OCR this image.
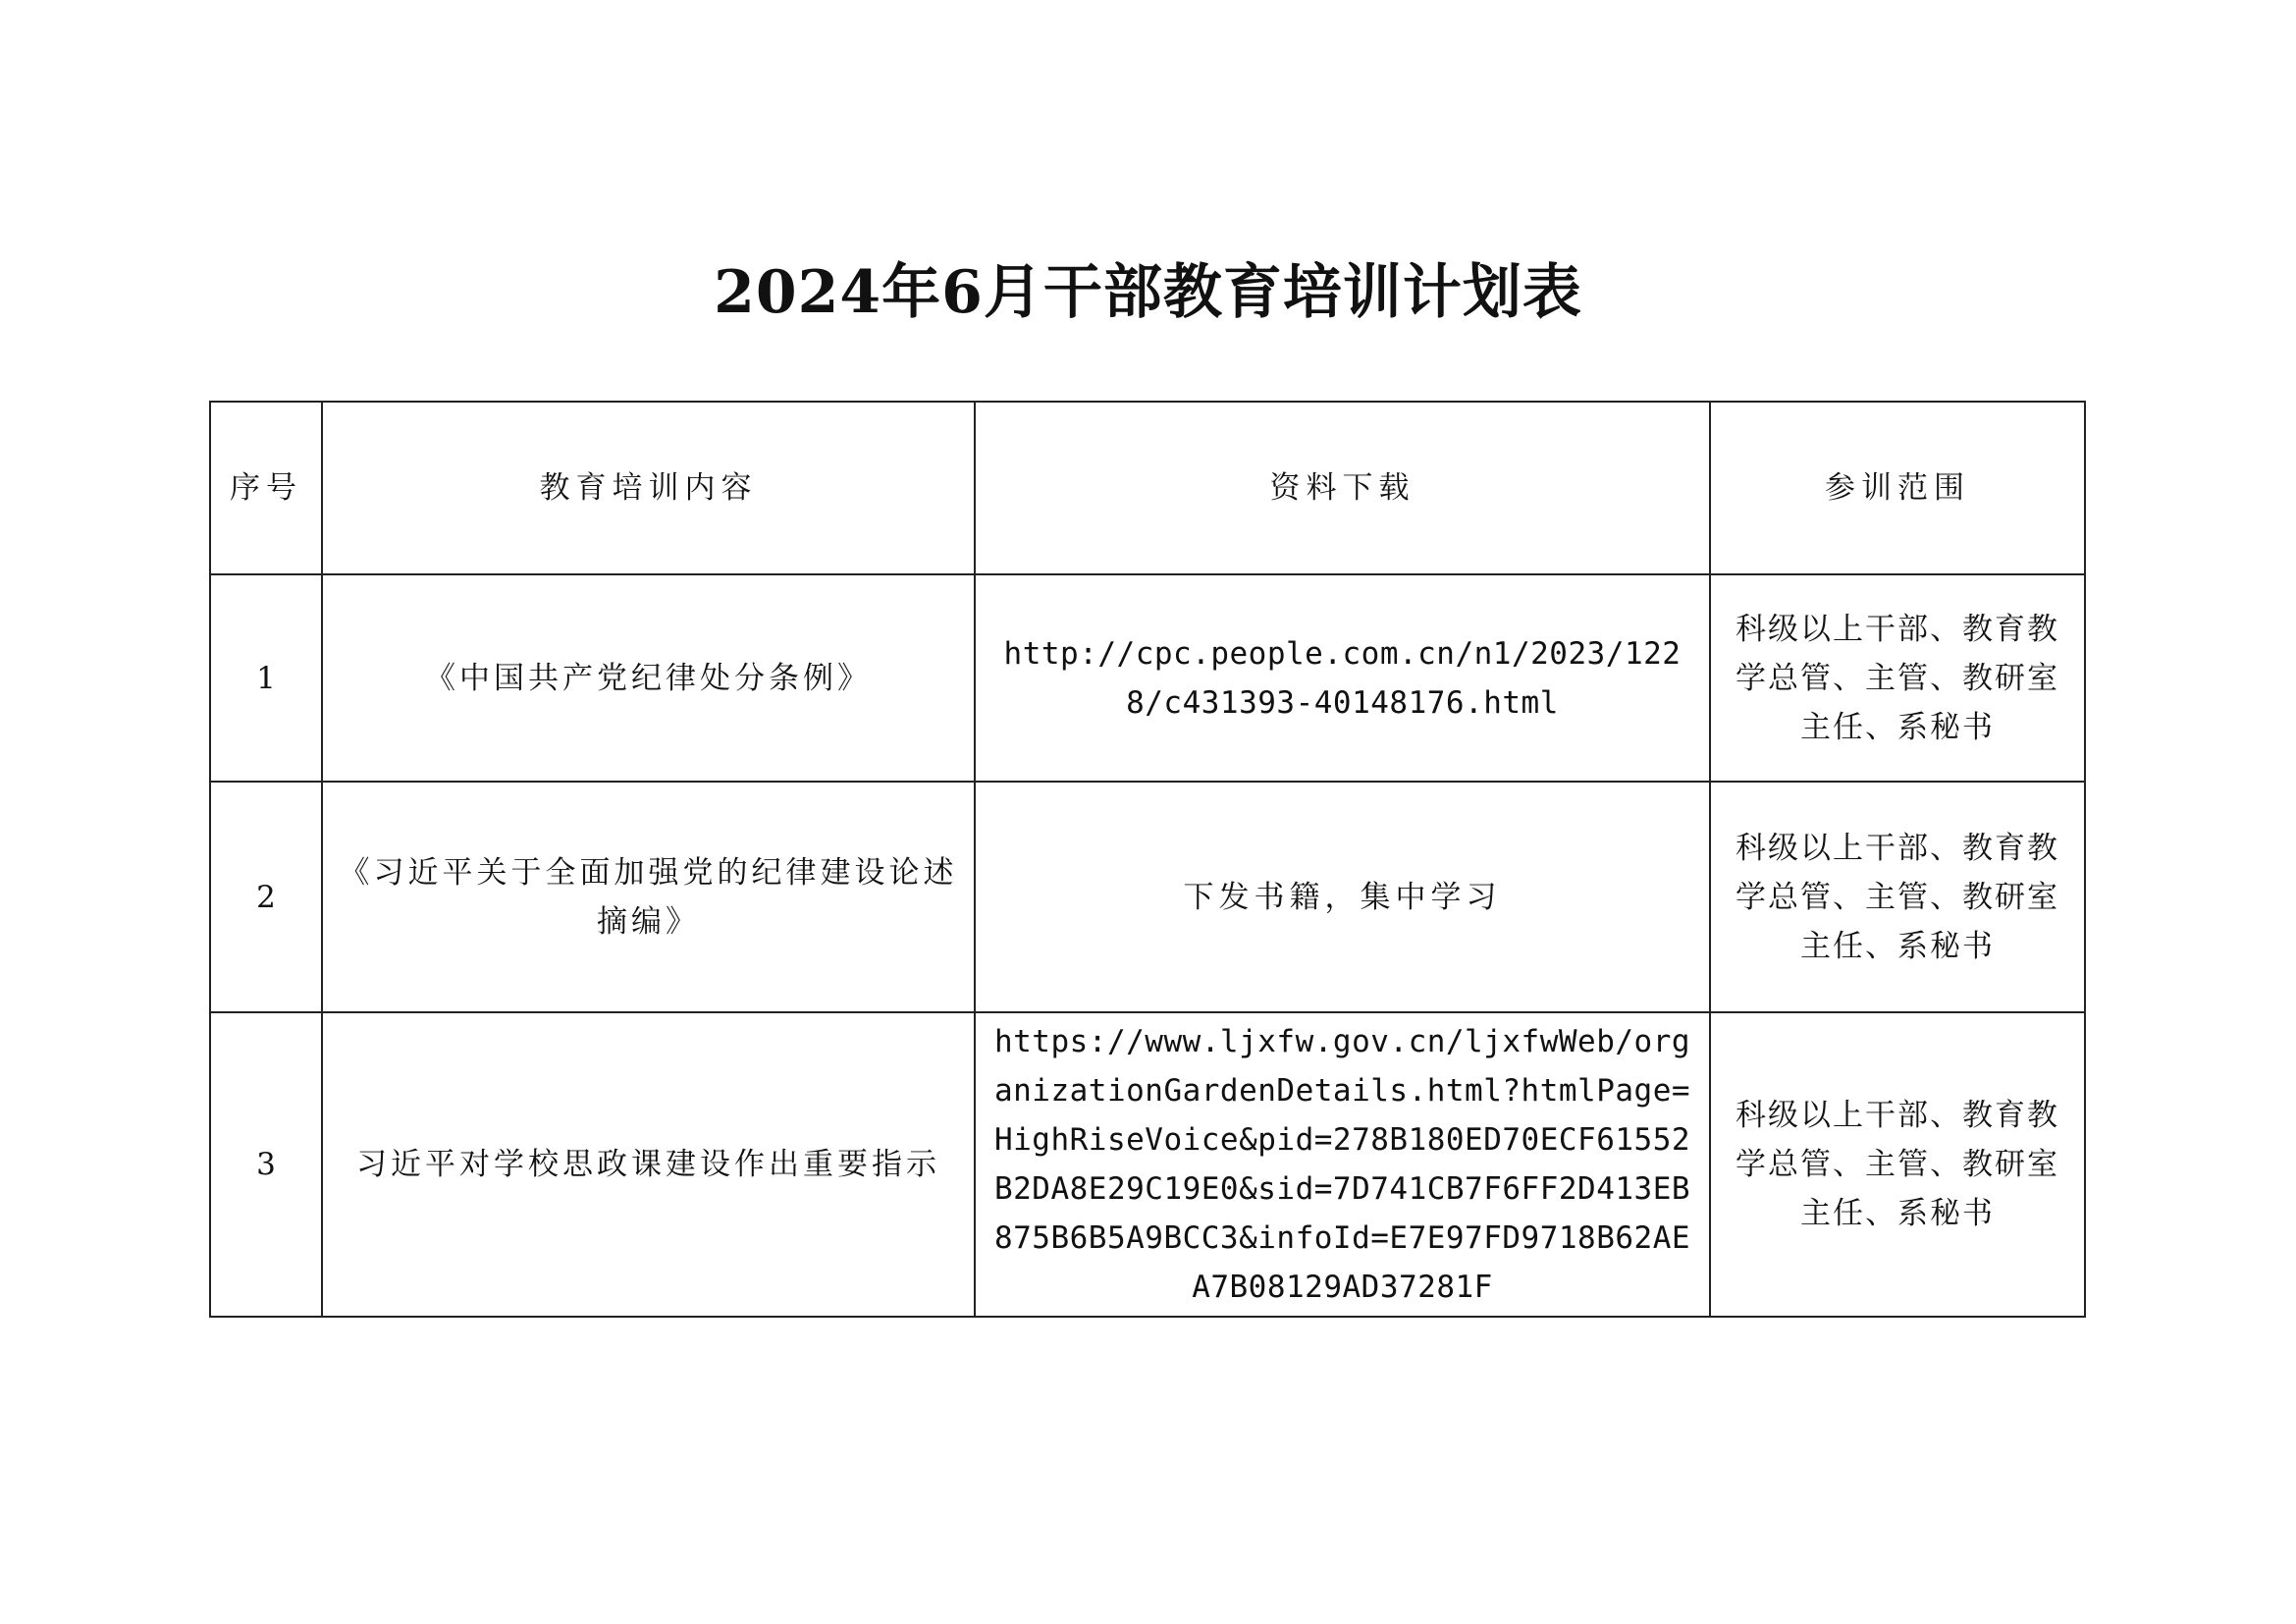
2024年6月干部教育培训计划表
序号	教育培训内容	资料下载	参训范围
1	《中国共产党纪律处分条例》	http://cpc.people.com.cn/n1/2023/1228/c431393-40148176.html	科级以上干部、教育教学总管、主管、教研室主任、系秘书
2	《习近平关于全面加强党的纪律建设论述摘编》	下发书籍，集中学习	科级以上干部、教育教学总管、主管、教研室主任、系秘书
3	习近平对学校思政课建设作出重要指示	https://www.ljxfw.gov.cn/ljxfwWeb/organizationGardenDetails.html?htmlPage=HighRiseVoice&pid=278B180ED70ECF61552B2DA8E29C19E0&sid=7D741CB7F6FF2D413EB875B6B5A9BCC3&infoId=E7E97FD9718B62AEA7B08129AD37281F	科级以上干部、教育教学总管、主管、教研室主任、系秘书
